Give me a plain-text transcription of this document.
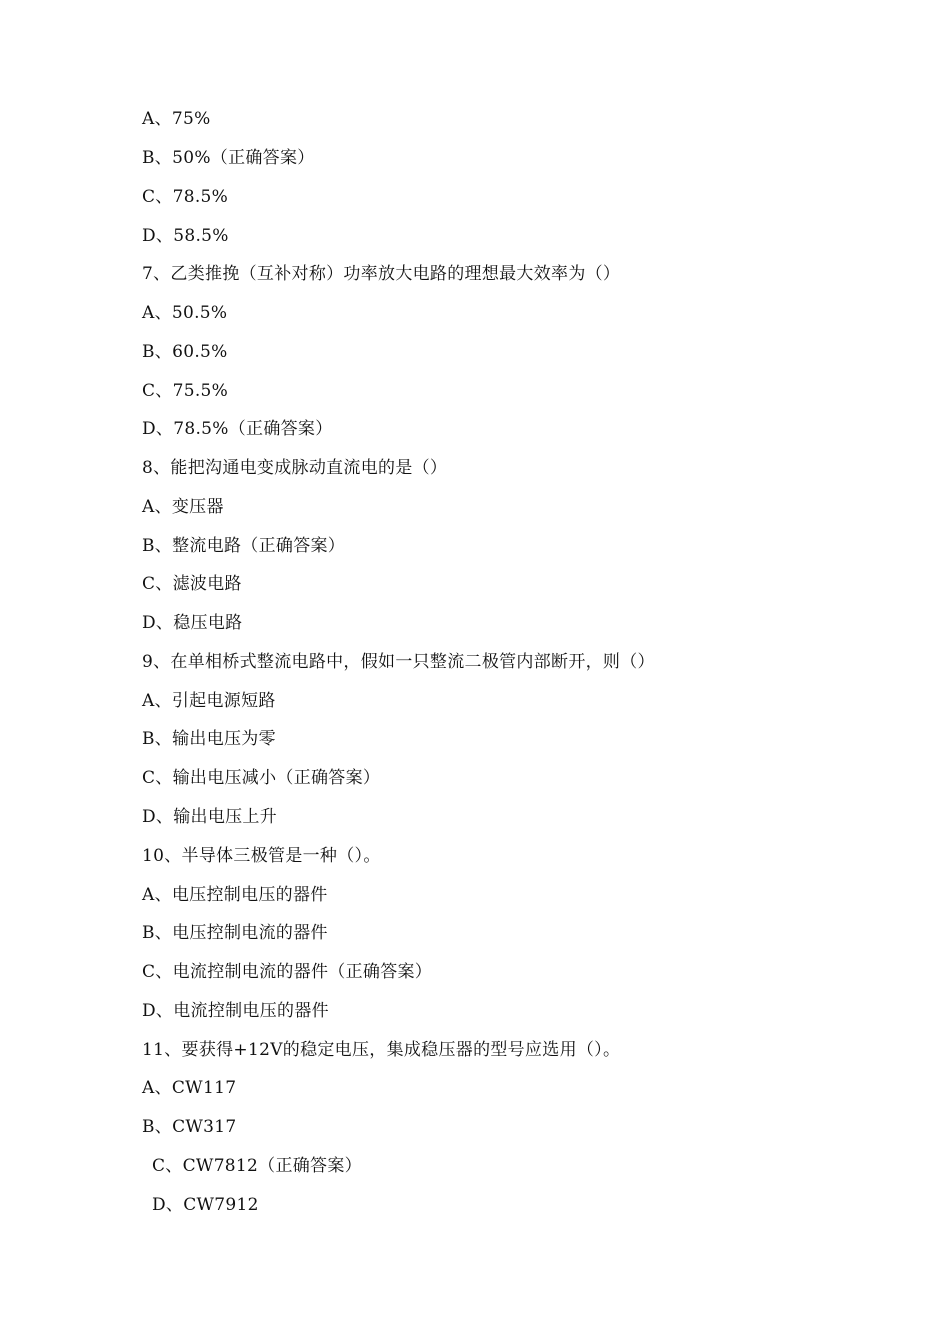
A、75%
B、50%（正确答案）
C、78.5%
D、58.5%
7、乙类推挽（互补对称）功率放大电路的理想最大效率为（）
A、50.5%
B、60.5%
C、75.5%
D、78.5%（正确答案）
8、能把沟通电变成脉动直流电的是（）
A、变压器
B、整流电路（正确答案）
C、滤波电路
D、稳压电路
9、在单相桥式整流电路中，假如一只整流二极管内部断开，则（）
A、引起电源短路
B、输出电压为零
C、输出电压减小（正确答案）
D、输出电压上升
10、半导体三极管是一种（）。
A、电压控制电压的器件
B、电压控制电流的器件
C、电流控制电流的器件（正确答案）
D、电流控制电压的器件
11、要获得+12V的稳定电压，集成稳压器的型号应选用（）。
A、CW117
B、CW317
C、CW7812（正确答案）
D、CW7912
